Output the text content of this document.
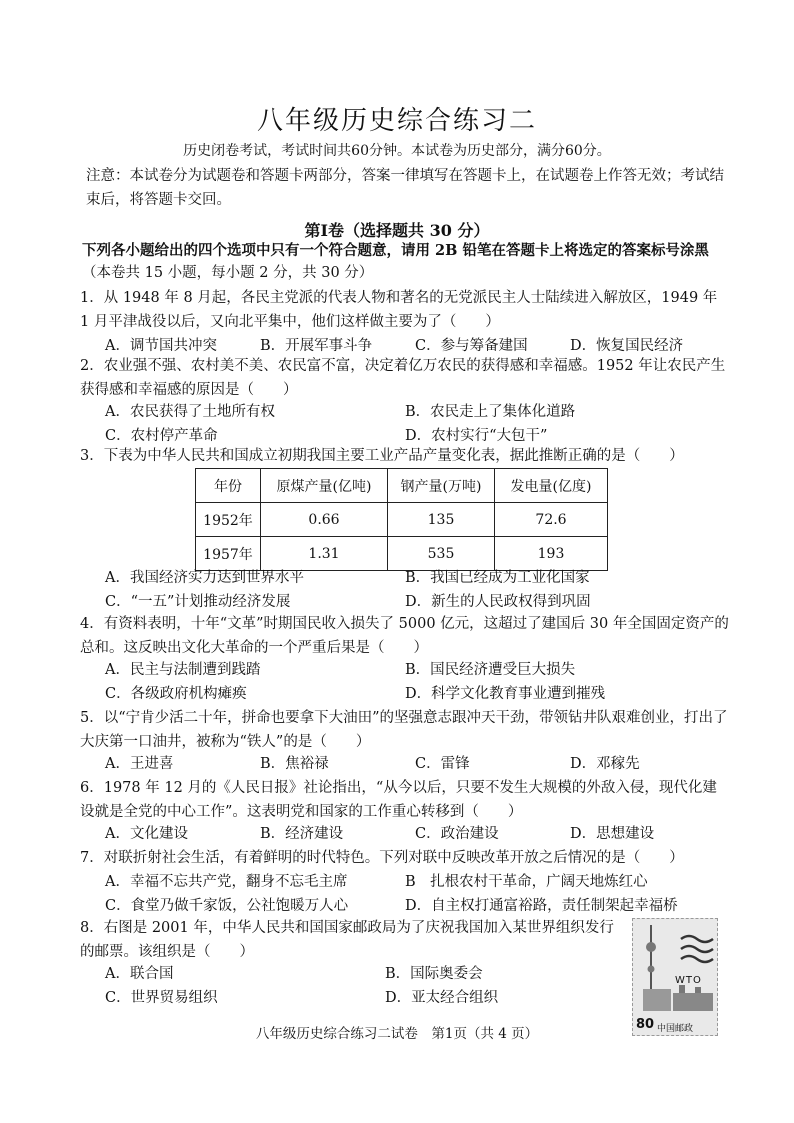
八年级历史综合练习二
历史闭卷考试，考试时间共60分钟。本试卷为历史部分，满分60分。
注意：本试卷分为试题卷和答题卡两部分，答案一律填写在答题卡上，在试题卷上作答无效；考试结束后，将答题卡交回。
第Ⅰ卷（选择题共 30 分）
下列各小题给出的四个选项中只有一个符合题意，请用 2B 铅笔在答题卡上将选定的答案标号涂黑
（本卷共 15 小题，每小题 2 分，共 30 分）
1．从 1948 年 8 月起，各民主党派的代表人物和著名的无党派民主人士陆续进入解放区，1949 年 1 月平津战役以后，又向北平集中，他们这样做主要为了（　　）
A．调节国共冲突	B．开展军事斗争	C．参与筹备建国	D．恢复国民经济
2．农业强不强、农村美不美、农民富不富，决定着亿万农民的获得感和幸福感。1952 年让农民产生获得感和幸福感的原因是（　　）
A．农民获得了土地所有权	B．农民走上了集体化道路
C．农村停产革命	D．农村实行“大包干”
3．下表为中华人民共和国成立初期我国主要工业产品产量变化表，据此推断正确的是（　　）
年份	原煤产量(亿吨)	钢产量(万吨)	发电量(亿度)
1952年	0.66	135	72.6
1957年	1.31	535	193
A．我国经济实力达到世界水平	B．我国已经成为工业化国家
C．“一五”计划推动经济发展	D．新生的人民政权得到巩固
4．有资料表明，十年“文革”时期国民收入损失了 5000 亿元，这超过了建国后 30 年全国固定资产的总和。这反映出文化大革命的一个严重后果是（　　）
A．民主与法制遭到践踏	B．国民经济遭受巨大损失
C．各级政府机构瘫痪	D．科学文化教育事业遭到摧残
5．以“宁肯少活二十年，拼命也要拿下大油田”的坚强意志跟冲天干劲，带领钻井队艰难创业，打出了大庆第一口油井，被称为“铁人”的是（　　）
A．王进喜	B．焦裕禄	C．雷锋	D．邓稼先
6．1978 年 12 月的《人民日报》社论指出，“从今以后，只要不发生大规模的外敌入侵，现代化建设就是全党的中心工作”。这表明党和国家的工作重心转移到（　　）
A．文化建设	B．经济建设	C．政治建设	D．思想建设
7．对联折射社会生活，有着鲜明的时代特色。下列对联中反映改革开放之后情况的是（　　）
A．幸福不忘共产党，翻身不忘毛主席	B　扎根农村干革命，广阔天地炼红心
C．食堂乃做千家饭，公社饱暖万人心	D．自主权打通富裕路，责任制架起幸福桥
8．右图是 2001 年，中华人民共和国国家邮政局为了庆祝我国加入某世界组织发行的邮票。该组织是（　　）
A．联合国	B．国际奥委会
C．世界贸易组织	D．亚太经合组织
WTO
80 中国邮政
八年级历史综合练习二试卷　第1页（共 4 页）
